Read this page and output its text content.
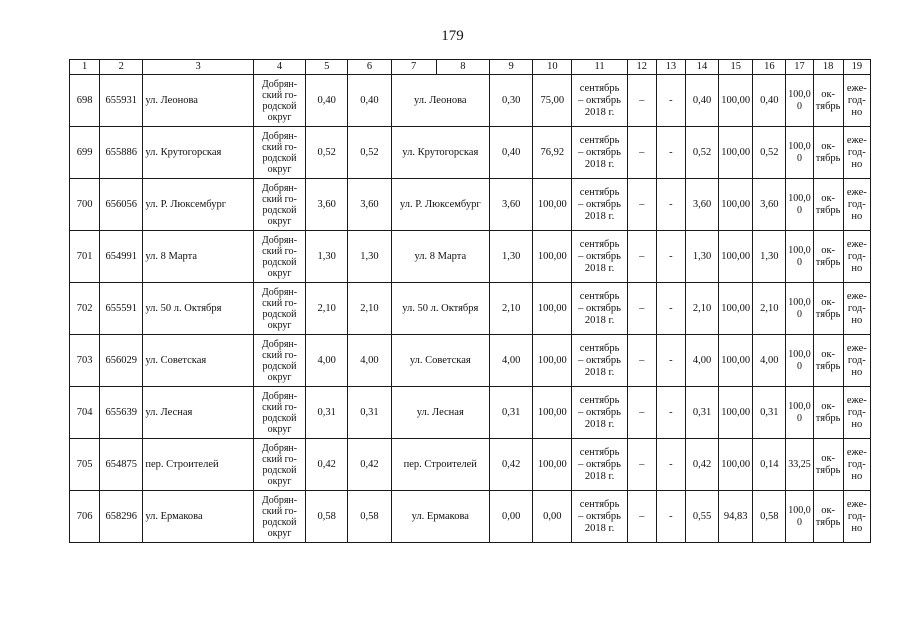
179
1	2	3	4	5	6	7	8	9	10	11	12	13	14	15	16	17	18	19
698	655931	ул. Леонова	Добрян-
ский го-
родской
округ	0,40	0,40	ул. Леонова		0,30	75,00	сентябрь
– октябрь
2018 г.	–	-	0,40	100,00	0,40	100,0
0	ок-
тябрь	еже-
год-
но
699	655886	ул. Крутогорская	Добрян-
ский го-
родской
округ	0,52	0,52	ул. Крутогорская		0,40	76,92	сентябрь
– октябрь
2018 г.	–	-	0,52	100,00	0,52	100,0
0	ок-
тябрь	еже-
год-
но
700	656056	ул. Р. Люксембург	Добрян-
ский го-
родской
округ	3,60	3,60	ул. Р. Люксембург		3,60	100,00	сентябрь
– октябрь
2018 г.	–	-	3,60	100,00	3,60	100,0
0	ок-
тябрь	еже-
год-
но
701	654991	ул. 8 Марта	Добрян-
ский го-
родской
округ	1,30	1,30	ул. 8 Марта		1,30	100,00	сентябрь
– октябрь
2018 г.	–	-	1,30	100,00	1,30	100,0
0	ок-
тябрь	еже-
год-
но
702	655591	ул. 50 л. Октября	Добрян-
ский го-
родской
округ	2,10	2,10	ул. 50 л. Октября		2,10	100,00	сентябрь
– октябрь
2018 г.	–	-	2,10	100,00	2,10	100,0
0	ок-
тябрь	еже-
год-
но
703	656029	ул. Советская	Добрян-
ский го-
родской
округ	4,00	4,00	ул. Советская		4,00	100,00	сентябрь
– октябрь
2018 г.	–	-	4,00	100,00	4,00	100,0
0	ок-
тябрь	еже-
год-
но
704	655639	ул. Лесная	Добрян-
ский го-
родской
округ	0,31	0,31	ул. Лесная		0,31	100,00	сентябрь
– октябрь
2018 г.	–	-	0,31	100,00	0,31	100,0
0	ок-
тябрь	еже-
год-
но
705	654875	пер. Строителей	Добрян-
ский го-
родской
округ	0,42	0,42	пер. Строителей		0,42	100,00	сентябрь
– октябрь
2018 г.	–	-	0,42	100,00	0,14	33,25	ок-
тябрь	еже-
год-
но
706	658296	ул. Ермакова	Добрян-
ский го-
родской
округ	0,58	0,58	ул. Ермакова		0,00	0,00	сентябрь
– октябрь
2018 г.	–	-	0,55	94,83	0,58	100,0
0	ок-
тябрь	еже-
год-
но
